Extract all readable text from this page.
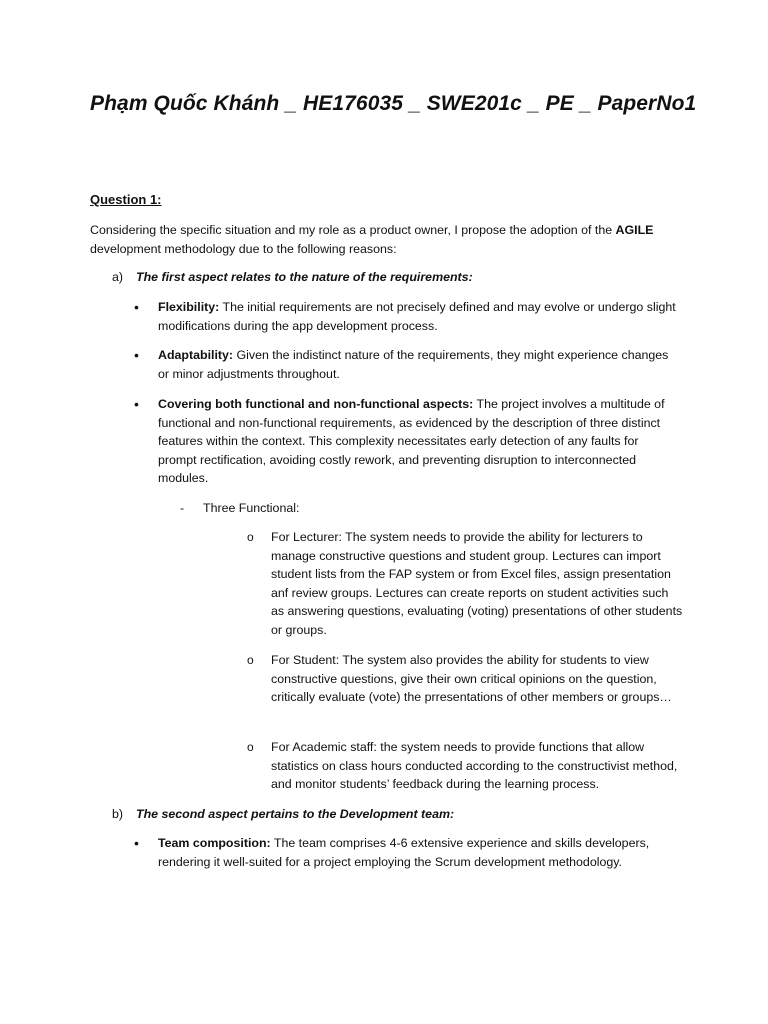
Phạm Quốc Khánh _ HE176035 _ SWE201c _ PE _ PaperNo1
Question 1:

Considering the specific situation and my role as a product owner, I propose the adoption of the AGILE development methodology due to the following reasons:

a) The first aspect relates to the nature of the requirements:
• Flexibility: The initial requirements are not precisely defined and may evolve or undergo slight modifications during the app development process.
• Adaptability: Given the indistinct nature of the requirements, they might experience changes or minor adjustments throughout.
• Covering both functional and non-functional aspects: The project involves a multitude of functional and non-functional requirements, as evidenced by the description of three distinct features within the context. This complexity necessitates early detection of any faults for prompt rectification, avoiding costly rework, and preventing disruption to interconnected modules.
- Three Functional:
o For Lecturer: The system needs to provide the ability for lecturers to manage constructive questions and student group. Lectures can import student lists from the FAP system or from Excel files, assign presentation anf review groups. Lectures can create reports on student activities such as answering questions, evaluating (voting) presentations of other students or groups.
o For Student: The system also provides the ability for students to view constructive questions, give their own critical opinions on the question, critically evaluate (vote) the prresentations of other members or groups…
o For Academic staff: the system needs to provide functions that allow statistics on class hours conducted according to the constructivist method, and monitor students’ feedback during the learning process.
b) The second aspect pertains to the Development team:
• Team composition: The team comprises 4-6 extensive experience and skills developers, rendering it well-suited for a project employing the Scrum development methodology.
